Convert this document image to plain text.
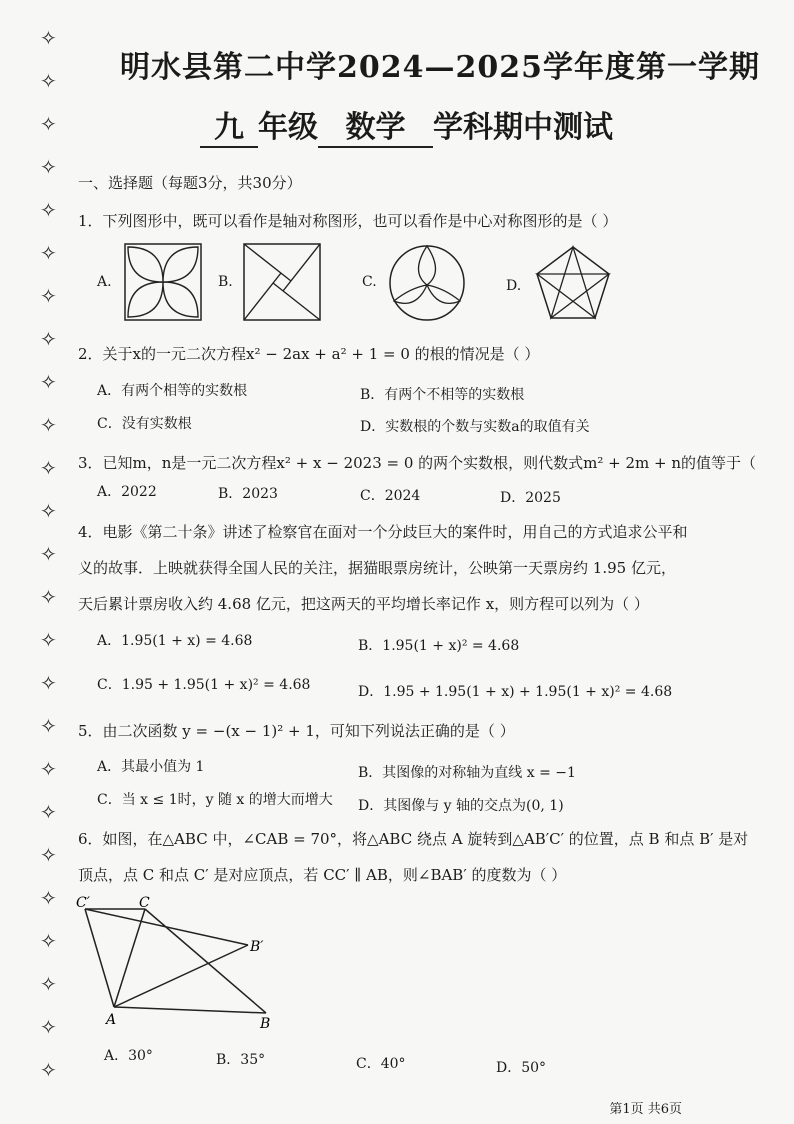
✧
✧
✧
✧
✧
✧
✧
✧
✧
✧
✧
✧
✧
✧
✧
✧
✧
✧
✧
✧
✧
✧
✧
✧
✧
明水县第二中学2024—2025学年度第一学期
九 年级 数学 学科期中测试
一、选择题（每题3分，共30分）
1．下列图形中，既可以看作是轴对称图形，也可以看作是中心对称图形的是（ ）
A.	B.	C.	D.
2．关于x的一元二次方程x² − 2ax + a² + 1 = 0 的根的情况是（ ）
A．有两个相等的实数根	B．有两个不相等的实数根
C．没有实数根	D．实数根的个数与实数a的取值有关
3．已知m，n是一元二次方程x² + x − 2023 = 0 的两个实数根，则代数式m² + 2m + n的值等于（
A．2022	B．2023	C．2024	D．2025
4．电影《第二十条》讲述了检察官在面对一个分歧巨大的案件时，用自己的方式追求公平和
义的故事．上映就获得全国人民的关注，据猫眼票房统计，公映第一天票房约 1.95 亿元，
天后累计票房收入约 4.68 亿元，把这两天的平均增长率记作 x，则方程可以列为（ ）
A．1.95(1 + x) = 4.68	B．1.95(1 + x)² = 4.68
C．1.95 + 1.95(1 + x)² = 4.68	D．1.95 + 1.95(1 + x) + 1.95(1 + x)² = 4.68
5．由二次函数 y = −(x − 1)² + 1，可知下列说法正确的是（ ）
A．其最小值为 1	B．其图像的对称轴为直线 x = −1
C．当 x ≤ 1时，y 随 x 的增大而增大 D．其图像与 y 轴的交点为(0, 1)
6．如图，在△ABC 中，∠CAB = 70°，将△ABC 绕点 A 旋转到△AB′C′ 的位置，点 B 和点 B′ 是对
顶点，点 C 和点 C′ 是对应顶点，若 CC′ ∥ AB，则∠BAB′ 的度数为（ ）
C′	C
B′
A	B
A．30°	B．35°	C．40°	D．50°
第1页 共6页
